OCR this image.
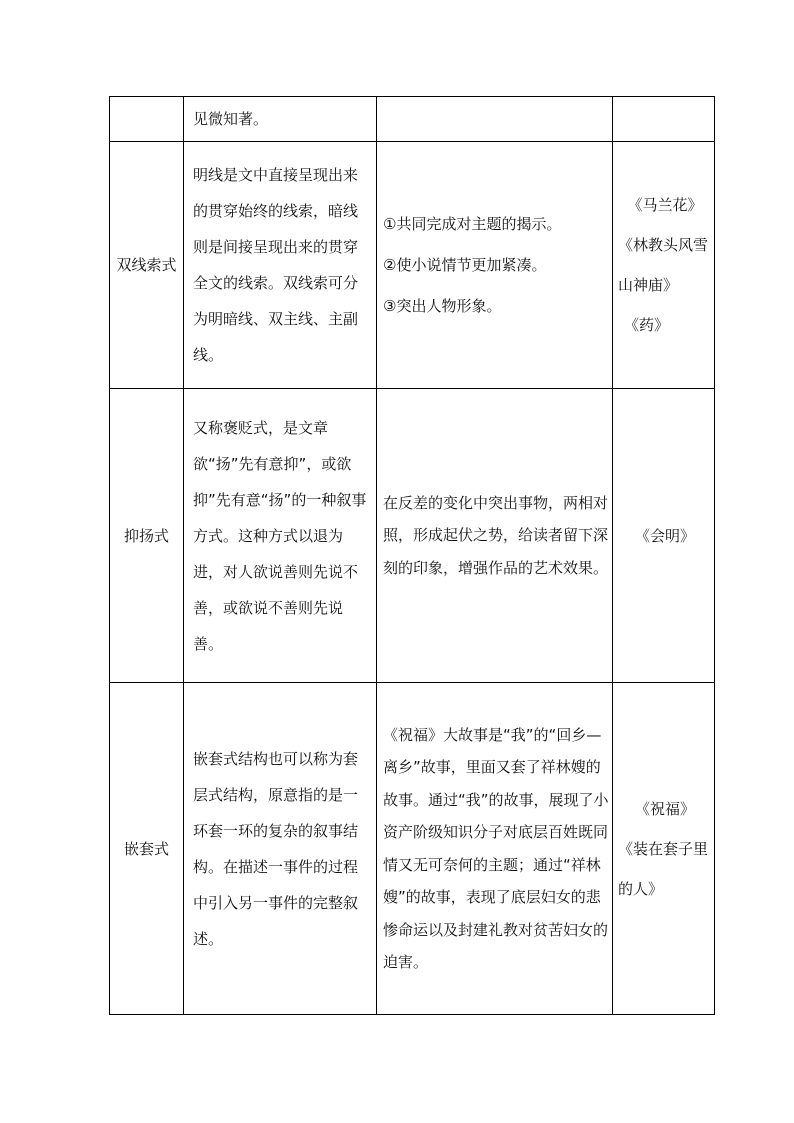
	见微知著。		

双线索式	明线是文中直接呈现出来的贯穿始终的线索，暗线则是间接呈现出来的贯穿全文的线索。双线索可分为明暗线、双主线、主副线。	①共同完成对主题的揭示。
②使小说情节更加紧凑。
③突出人物形象。	《马兰花》
《林教头风雪山神庙》
《药》

抑扬式	又称褒贬式，是文章欲“扬”先有意抑”，或欲抑”先有意“扬”的一种叙事方式。这种方式以退为进，对人欲说善则先说不善，或欲说不善则先说善。	在反差的变化中突出事物，两相对照，形成起伏之势，给读者留下深刻的印象，增强作品的艺术效果。	《会明》

嵌套式	嵌套式结构也可以称为套层式结构，原意指的是一环套一环的复杂的叙事结构。在描述一事件的过程中引入另一事件的完整叙述。	《祝福》大故事是“我”的“回乡—离乡”故事，里面又套了祥林嫂的故事。通过“我”的故事，展现了小资产阶级知识分子对底层百姓既同情又无可奈何的主题；通过“祥林嫂”的故事，表现了底层妇女的悲惨命运以及封建礼教对贫苦妇女的迫害。	《祝福》
《装在套子里的人》
